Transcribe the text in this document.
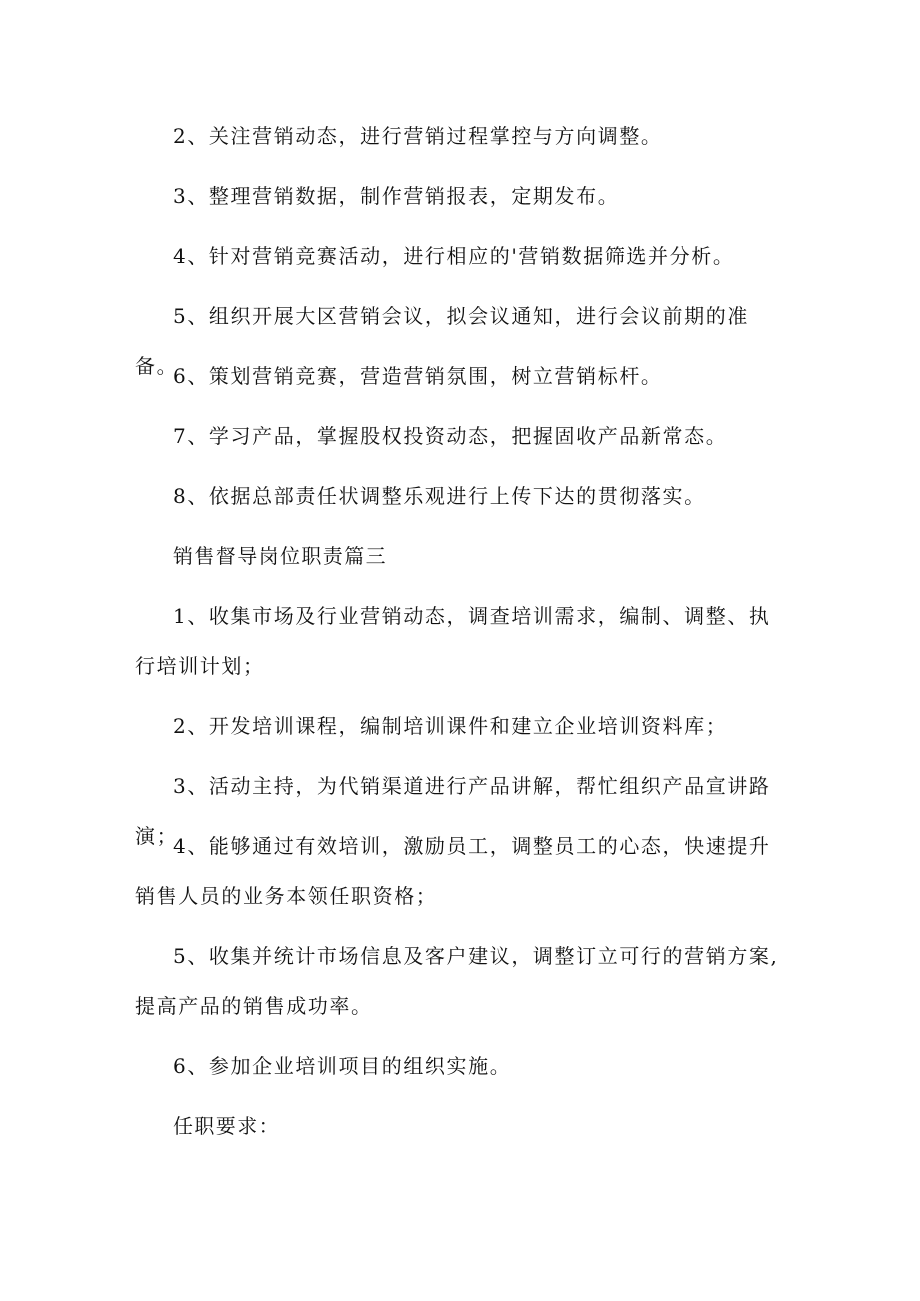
2、关注营销动态，进行营销过程掌控与方向调整。

3、整理营销数据，制作营销报表，定期发布。

4、针对营销竞赛活动，进行相应的'营销数据筛选并分析。

5、组织开展大区营销会议，拟会议通知，进行会议前期的准备。

6、策划营销竞赛，营造营销氛围，树立营销标杆。

7、学习产品，掌握股权投资动态，把握固收产品新常态。

8、依据总部责任状调整乐观进行上传下达的贯彻落实。

销售督导岗位职责篇三

1、收集市场及行业营销动态，调查培训需求，编制、调整、执行培训计划；

2、开发培训课程，编制培训课件和建立企业培训资料库；

3、活动主持，为代销渠道进行产品讲解，帮忙组织产品宣讲路演；

4、能够通过有效培训，激励员工，调整员工的心态，快速提升销售人员的业务本领任职资格；

5、收集并统计市场信息及客户建议，调整订立可行的营销方案,提高产品的销售成功率。

6、参加企业培训项目的组织实施。

任职要求：
